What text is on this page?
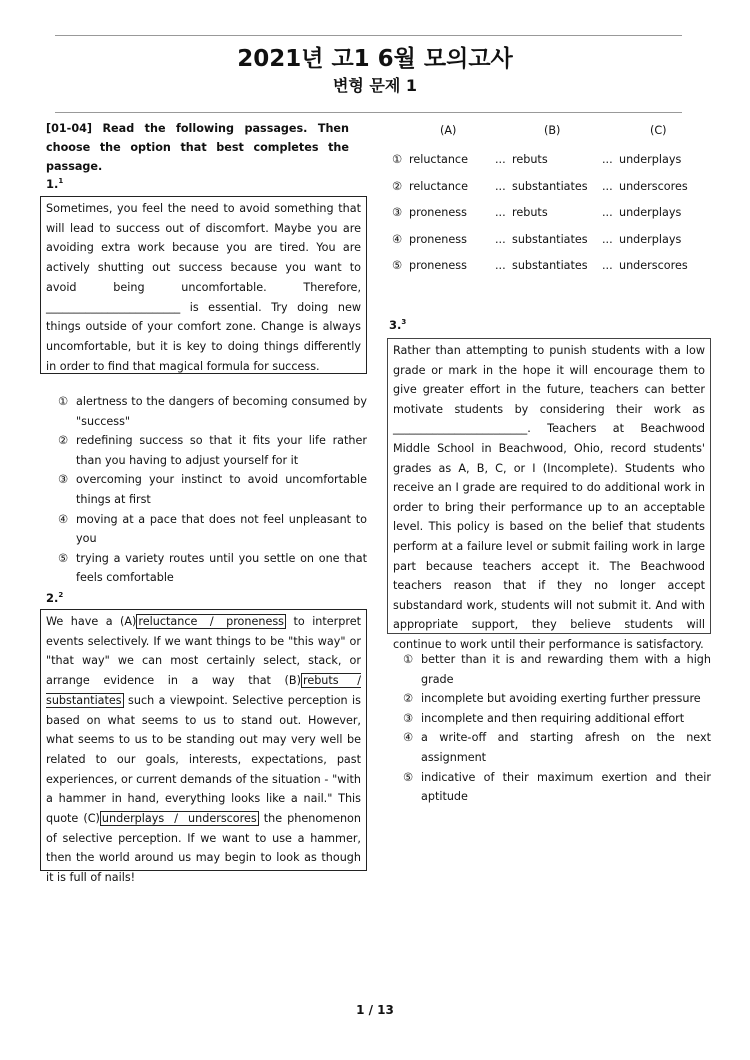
2021년 고1 6월 모의고사
변형 문제 1
[01-04] Read the following passages. Then choose the option that best completes the passage.
1.$^1$
Sometimes, you feel the need to avoid something that will lead to success out of discomfort. Maybe you are avoiding extra work because you are tired. You are actively shutting out success because you want to avoid being uncomfortable. Therefore, ________________________ is essential. Try doing new things outside of your comfort zone. Change is always uncomfortable, but it is key to doing things differently in order to find that magical formula for success.
① alertness to the dangers of becoming consumed by "success"
② redefining success so that it fits your life rather than you having to adjust yourself for it
③ overcoming your instinct to avoid uncomfortable things at first
④ moving at a pace that does not feel unpleasant to you
⑤ trying a variety routes until you settle on one that feels comfortable
2.$^2$
We have a (A) reluctance / proneness to interpret events selectively. If we want things to be "this way" or "that way" we can most certainly select, stack, or arrange evidence in a way that (B) rebuts / substantiates such a viewpoint. Selective perception is based on what seems to us to stand out. However, what seems to us to be standing out may very well be related to our goals, interests, expectations, past experiences, or current demands of the situation - "with a hammer in hand, everything looks like a nail." This quote (C) underplays / underscores the phenomenon of selective perception. If we want to use a hammer, then the world around us may begin to look as though it is full of nails!
(A)	(B)	(C)
① reluctance ... rebuts	... underplays
② reluctance ... substantiates ... underscores
③ proneness	... rebuts	... underplays
④ proneness	... substantiates ... underplays
⑤ proneness	... substantiates ... underscores
3.$^3$
Rather than attempting to punish students with a low grade or mark in the hope it will encourage them to give greater effort in the future, teachers can better motivate students by considering their work as ________________________. Teachers at Beachwood Middle School in Beachwood, Ohio, record students' grades as A, B, C, or I (Incomplete). Students who receive an I grade are required to do additional work in order to bring their performance up to an acceptable level. This policy is based on the belief that students perform at a failure level or submit failing work in large part because teachers accept it. The Beachwood teachers reason that if they no longer accept substandard work, students will not submit it. And with appropriate support, they believe students will continue to work until their performance is satisfactory.
① better than it is and rewarding them with a high grade
② incomplete but avoiding exerting further pressure
③ incomplete and then requiring additional effort
④ a write-off and starting afresh on the next assignment
⑤ indicative of their maximum exertion and their aptitude
1 / 13
